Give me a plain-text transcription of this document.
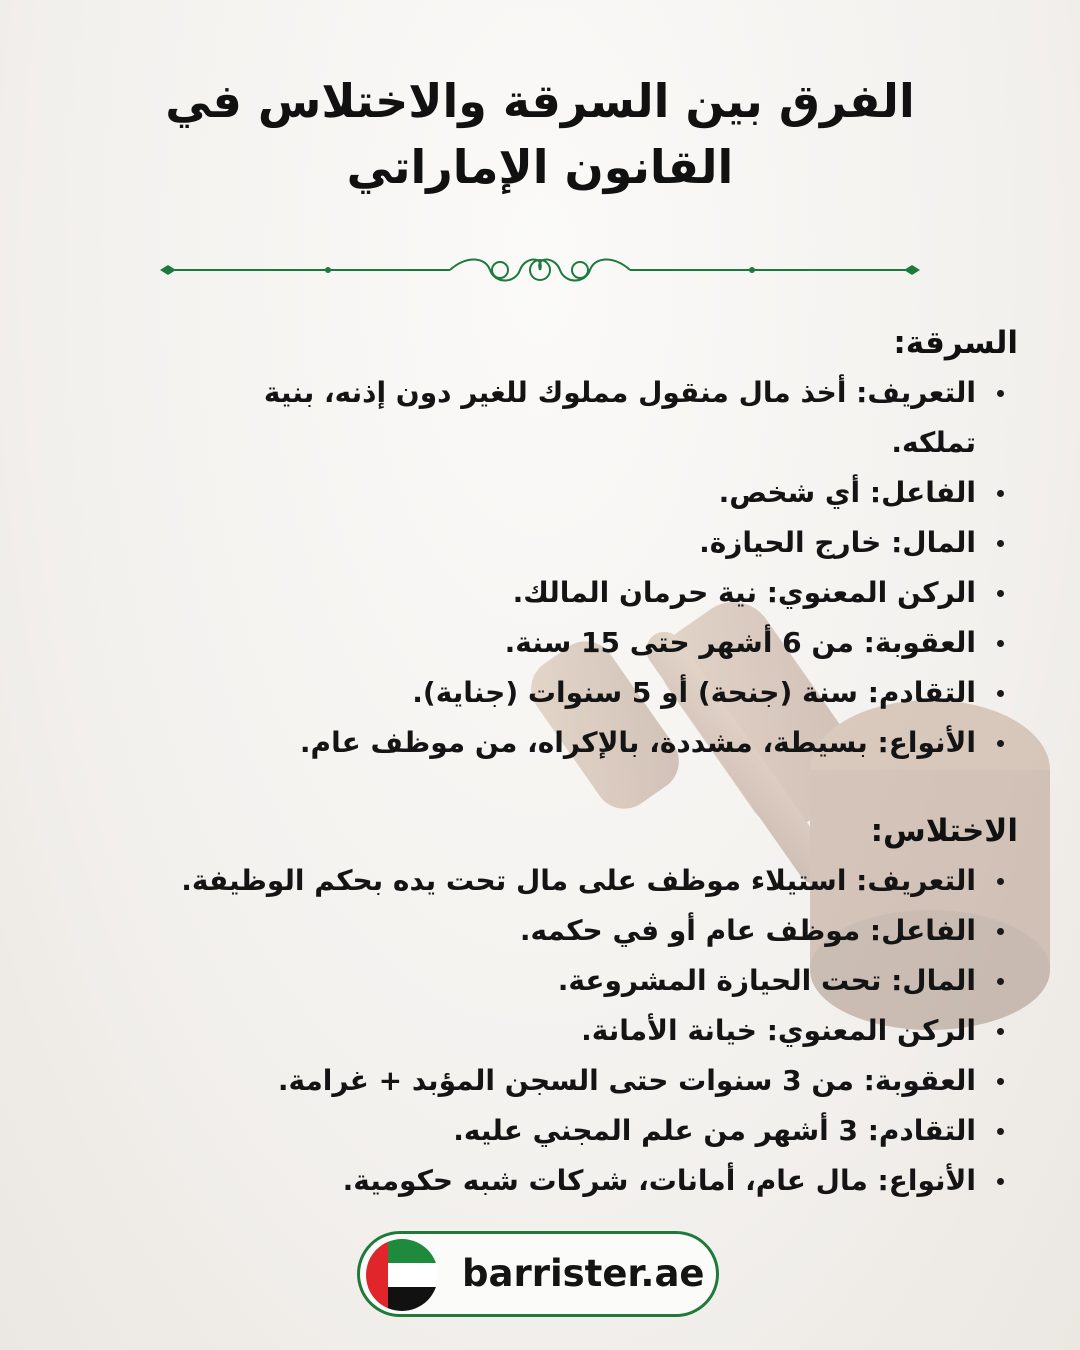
الفرق بين السرقة والاختلاس في
القانون الإماراتي
السرقة:
التعريف: أخذ مال منقول مملوك للغير دون إذنه، بنية تملكه.
الفاعل: أي شخص.
المال: خارج الحيازة.
الركن المعنوي: نية حرمان المالك.
العقوبة: من 6 أشهر حتى 15 سنة.
التقادم: سنة (جنحة) أو 5 سنوات (جناية).
الأنواع: بسيطة، مشددة، بالإكراه، من موظف عام.
الاختلاس:
التعريف: استيلاء موظف على مال تحت يده بحكم الوظيفة.
الفاعل: موظف عام أو في حكمه.
المال: تحت الحيازة المشروعة.
الركن المعنوي: خيانة الأمانة.
العقوبة: من 3 سنوات حتى السجن المؤبد + غرامة.
التقادم: 3 أشهر من علم المجني عليه.
الأنواع: مال عام، أمانات، شركات شبه حكومية.
barrister.ae
